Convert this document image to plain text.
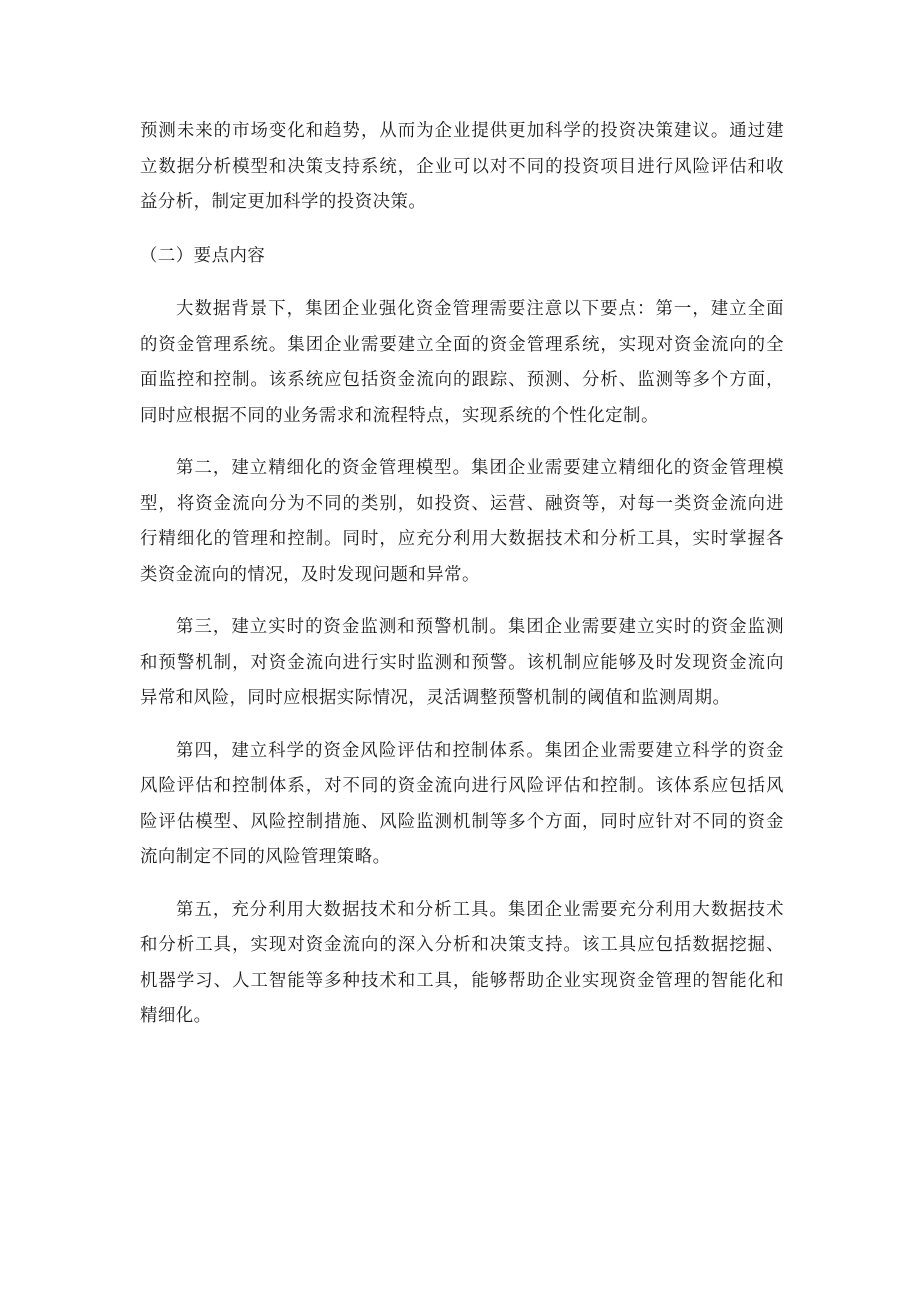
预测未来的市场变化和趋势，从而为企业提供更加科学的投资决策建议。通过建立数据分析模型和决策支持系统，企业可以对不同的投资项目进行风险评估和收益分析，制定更加科学的投资决策。

（二）要点内容

大数据背景下，集团企业强化资金管理需要注意以下要点：第一，建立全面的资金管理系统。集团企业需要建立全面的资金管理系统，实现对资金流向的全面监控和控制。该系统应包括资金流向的跟踪、预测、分析、监测等多个方面，同时应根据不同的业务需求和流程特点，实现系统的个性化定制。

第二，建立精细化的资金管理模型。集团企业需要建立精细化的资金管理模型，将资金流向分为不同的类别，如投资、运营、融资等，对每一类资金流向进行精细化的管理和控制。同时，应充分利用大数据技术和分析工具，实时掌握各类资金流向的情况，及时发现问题和异常。

第三，建立实时的资金监测和预警机制。集团企业需要建立实时的资金监测和预警机制，对资金流向进行实时监测和预警。该机制应能够及时发现资金流向异常和风险，同时应根据实际情况，灵活调整预警机制的阈值和监测周期。

第四，建立科学的资金风险评估和控制体系。集团企业需要建立科学的资金风险评估和控制体系，对不同的资金流向进行风险评估和控制。该体系应包括风险评估模型、风险控制措施、风险监测机制等多个方面，同时应针对不同的资金流向制定不同的风险管理策略。

第五，充分利用大数据技术和分析工具。集团企业需要充分利用大数据技术和分析工具，实现对资金流向的深入分析和决策支持。该工具应包括数据挖掘、机器学习、人工智能等多种技术和工具，能够帮助企业实现资金管理的智能化和精细化。
